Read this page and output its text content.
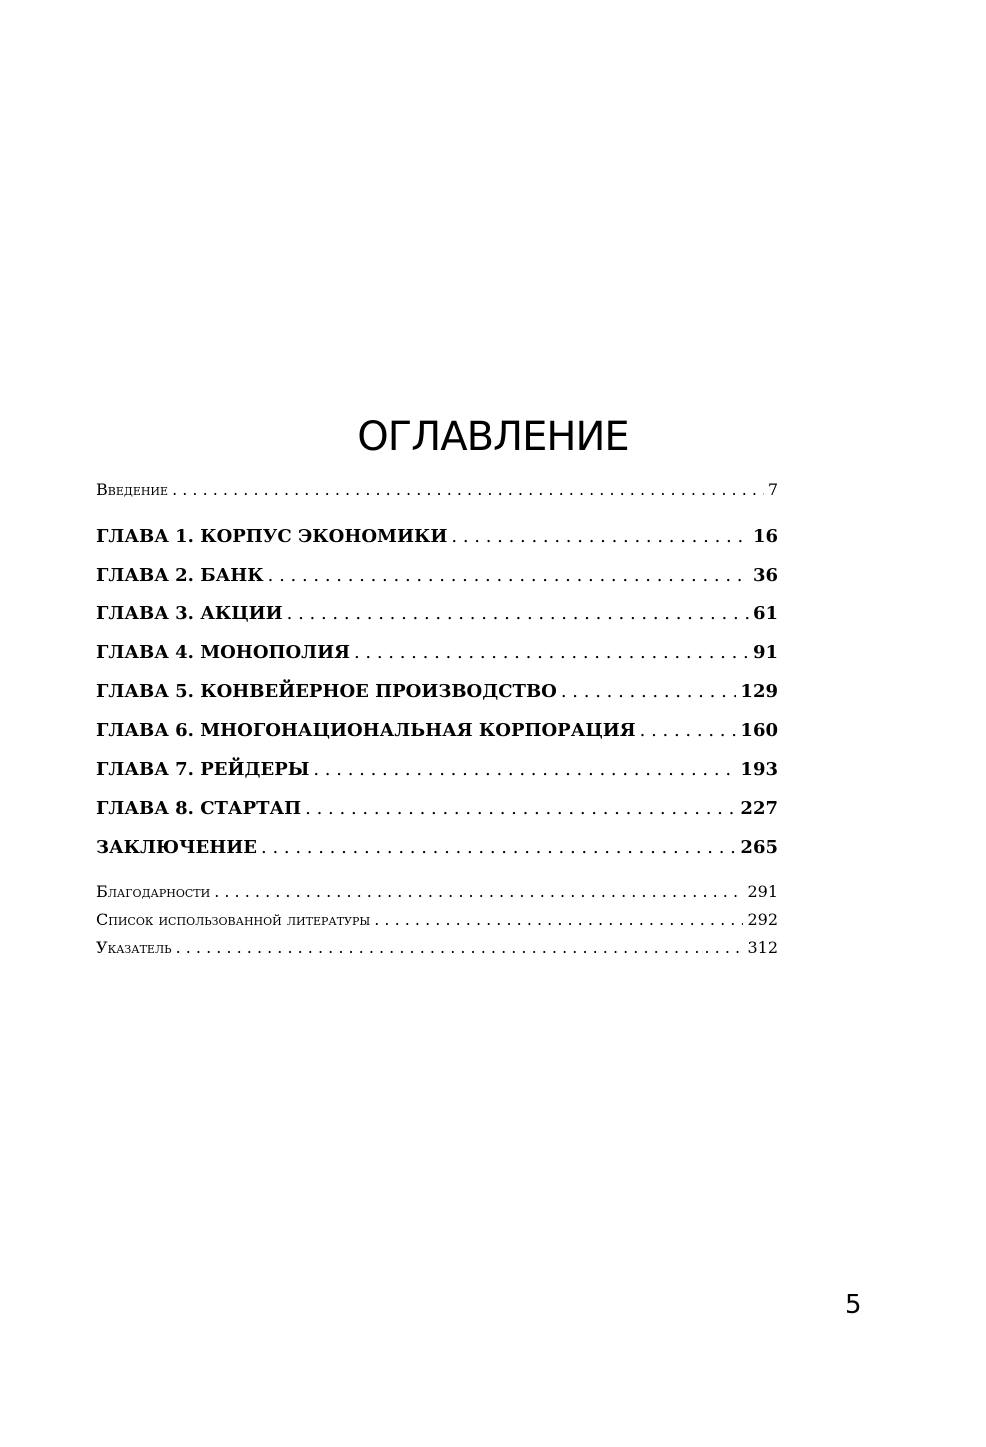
ОГЛАВЛЕНИЕ
Введение . . .	7
ГЛАВА 1. КОРПУС ЭКОНОМИКИ . . .	16
ГЛАВА 2. БАНК . . .	36
ГЛАВА 3. АКЦИИ . . .	61
ГЛАВА 4. МОНОПОЛИЯ . . .	91
ГЛАВА 5. КОНВЕЙЕРНОЕ ПРОИЗВОДСТВО . . .	129
ГЛАВА 6. МНОГОНАЦИОНАЛЬНАЯ КОРПОРАЦИЯ . . .	160
ГЛАВА 7. РЕЙДЕРЫ . . .	193
ГЛАВА 8. СТАРТАП . . .	227
ЗАКЛЮЧЕНИЕ . . .	265
Благодарности . . .	291
Список использованной литературы . . .	292
Указатель . . .	312
5
